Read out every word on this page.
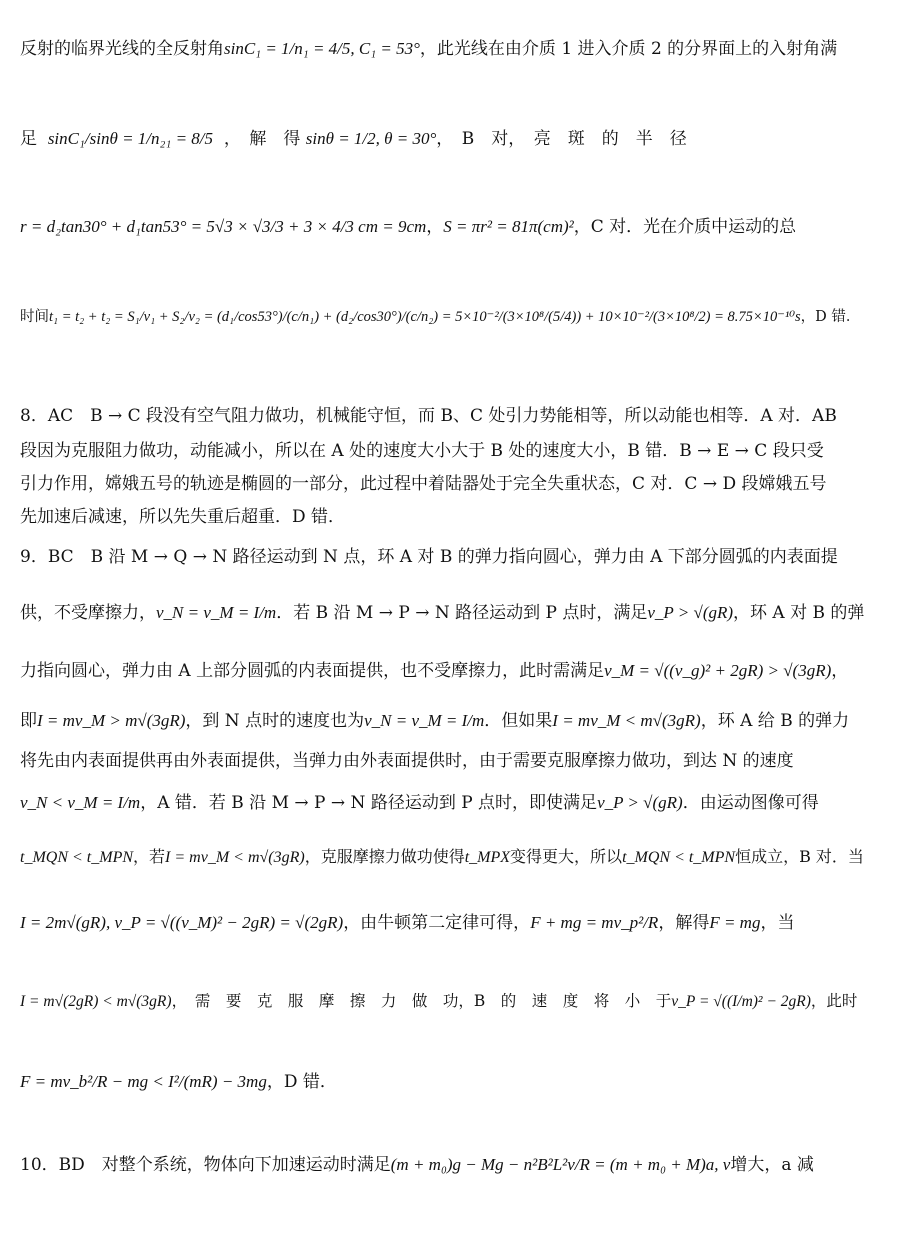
反射的临界光线的全反射角sinC₁ = 1/n₁ = 4/5, C₁ = 53°，此光线在由介质 1 进入介质 2 的分界面上的入射角满
足 sinC₁/sinθ = 1/n₂₁ = 8/5 ，　解　得 sinθ = 1/2, θ = 30°，　B　对，　亮　斑　的　半　径
r = d₂tan30° + d₁tan53° = 5√3 × √3/3 + 3 × 4/3 cm = 9cm，S = πr² = 81π(cm)²，C 对．光在介质中运动的总
时间t₁ = t₂ + t₂ = S₁/v₁ + S₂/v₂ = (d₁/cos53°)/(c/n₁) + (d₂/cos30°)/(c/n₂) = 5×10⁻²/(3×10⁸/(5/4)) + 10×10⁻²/(3×10⁸/2) = 8.75×10⁻¹⁰s，D 错．
8．AC　B → C 段没有空气阻力做功，机械能守恒，而 B、C 处引力势能相等，所以动能也相等．A 对．AB
段因为克服阻力做功，动能减小，所以在 A 处的速度大小大于 B 处的速度大小，B 错．B → E → C 段只受
引力作用，嫦娥五号的轨迹是椭圆的一部分，此过程中着陆器处于完全失重状态，C 对．C → D 段嫦娥五号
先加速后减速，所以先失重后超重．D 错．
9．BC　B 沿 M → Q → N 路径运动到 N 点，环 A 对 B 的弹力指向圆心，弹力由 A 下部分圆弧的内表面提
供，不受摩擦力，v_N = v_M = I/m．若 B 沿 M → P → N 路径运动到 P 点时，满足v_P > √(gR)，环 A 对 B 的弹
力指向圆心，弹力由 A 上部分圆弧的内表面提供，也不受摩擦力，此时需满足v_M = √((v_g)² + 2gR) > √(3gR)，
即I = mv_M > m√(3gR)，到 N 点时的速度也为v_N = v_M = I/m．但如果I = mv_M < m√(3gR)，环 A 给 B 的弹力
将先由内表面提供再由外表面提供，当弹力由外表面提供时，由于需要克服摩擦力做功，到达 N 的速度
v_N < v_M = I/m，A 错．若 B 沿 M → P → N 路径运动到 P 点时，即使满足v_P > √(gR)．由运动图像可得
t_MQN < t_MPN，若I = mv_M < m√(3gR)，克服摩擦力做功使得t_MPX变得更大，所以t_MQN < t_MPN恒成立，B 对．当
I = 2m√(gR), v_P = √((v_M)² − 2gR) = √(2gR)，由牛顿第二定律可得，F + mg = mv_p²/R，解得F = mg，当
I = m√(2gR) < m√(3gR)，　需　要　克　服　摩　擦　力　做　功，B　的　速　度　将　小　于v_P = √((I/m)² − 2gR)，此时
F = mv_b²/R − mg < I²/(mR) − 3mg，D 错．
10．BD　对整个系统，物体向下加速运动时满足(m + m₀)g − Mg − n²B²L²v/R = (m + m₀ + M)a, v增大，a 减
